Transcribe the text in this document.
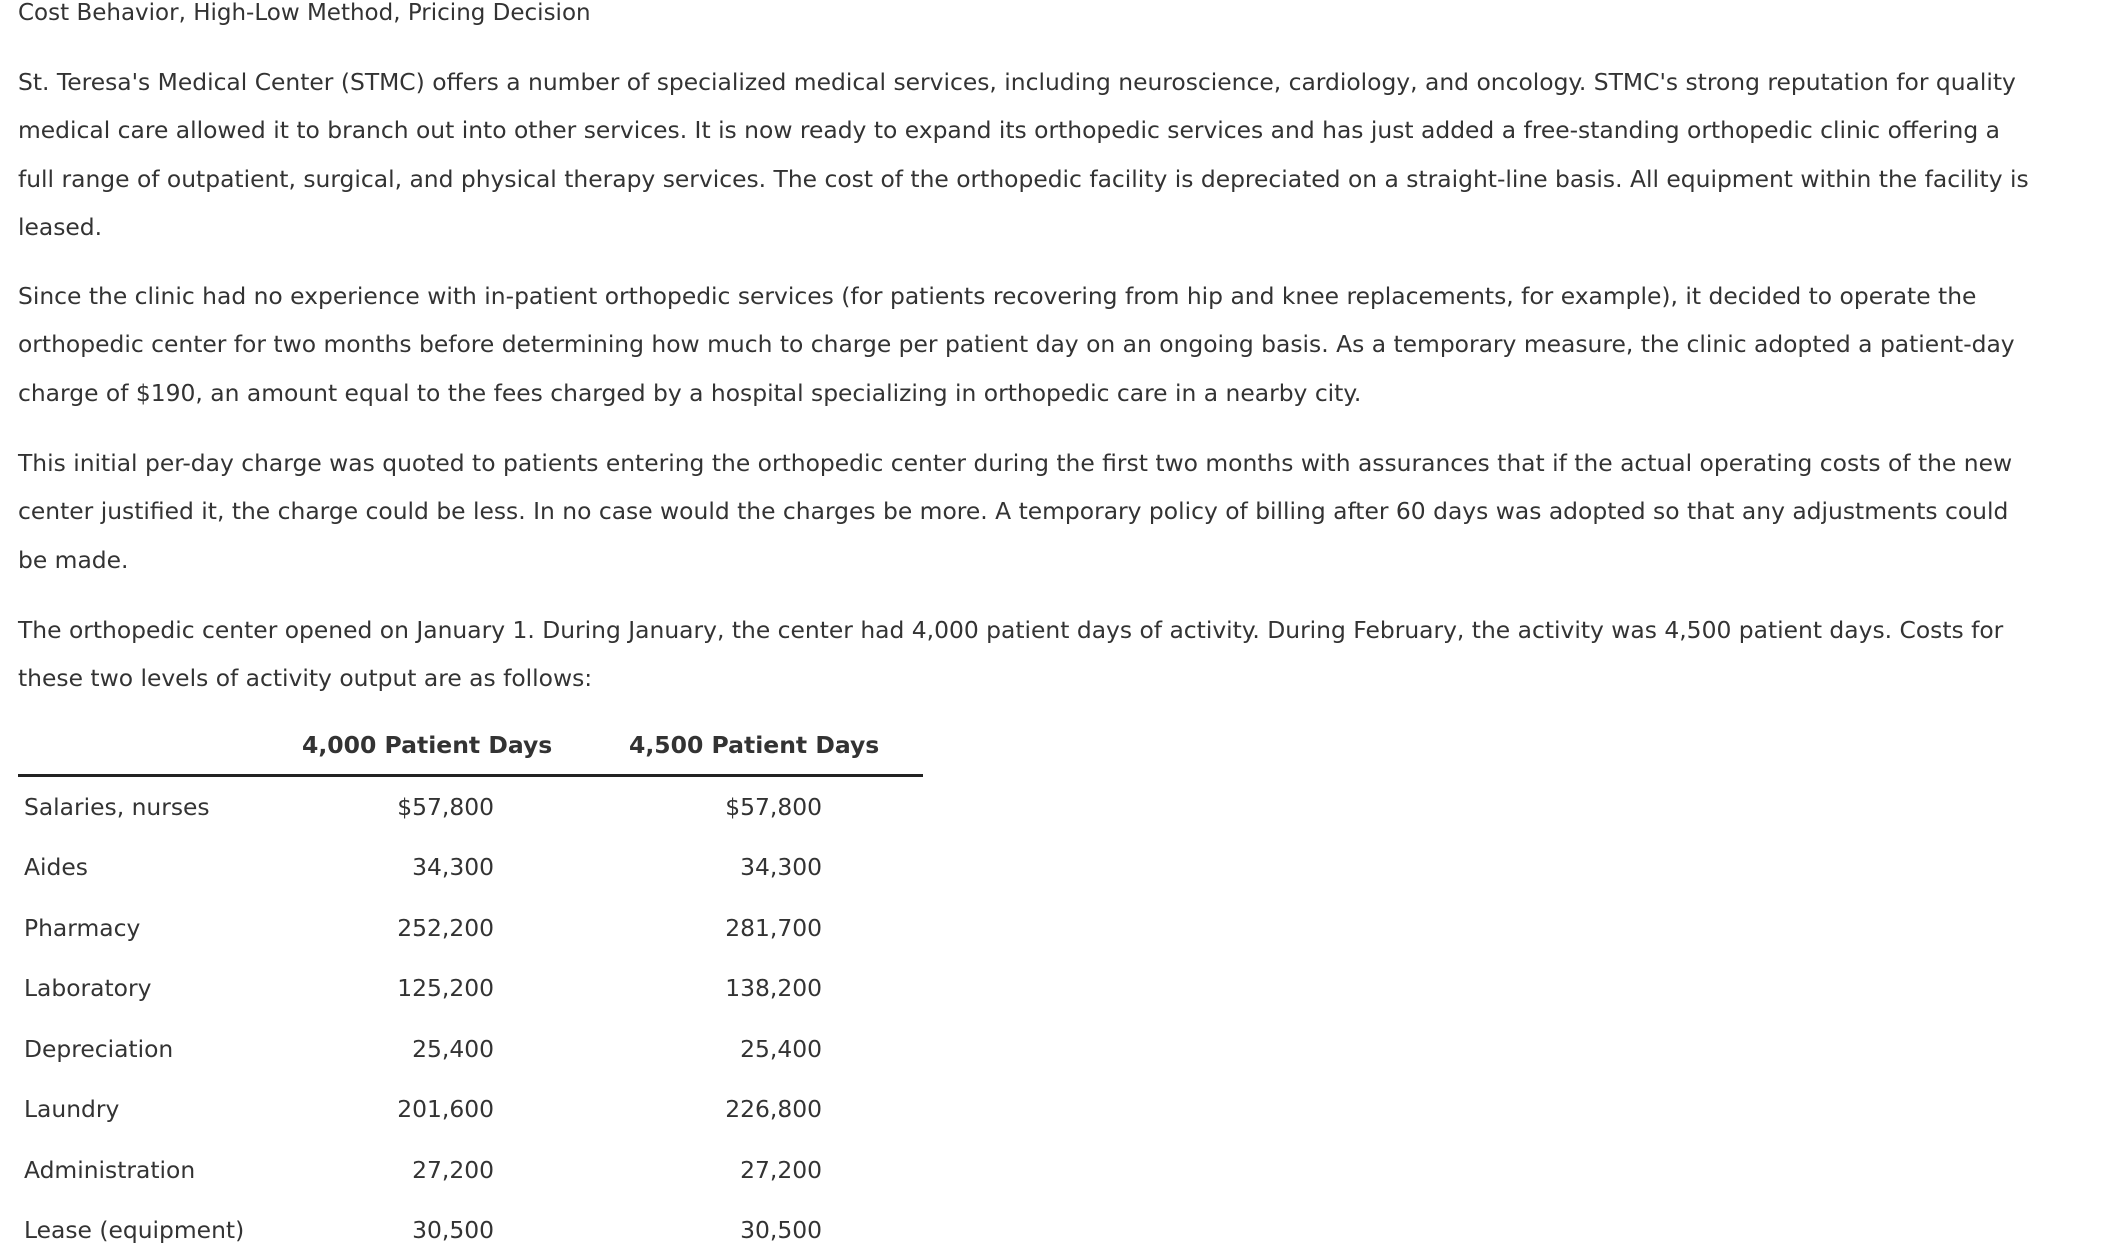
Cost Behavior, High-Low Method, Pricing Decision
St. Teresa's Medical Center (STMC) offers a number of specialized medical services, including neuroscience, cardiology, and oncology. STMC's strong reputation for quality
medical care allowed it to branch out into other services. It is now ready to expand its orthopedic services and has just added a free-standing orthopedic clinic offering a
full range of outpatient, surgical, and physical therapy services. The cost of the orthopedic facility is depreciated on a straight-line basis. All equipment within the facility is
leased.
Since the clinic had no experience with in-patient orthopedic services (for patients recovering from hip and knee replacements, for example), it decided to operate the
orthopedic center for two months before determining how much to charge per patient day on an ongoing basis. As a temporary measure, the clinic adopted a patient-day
charge of $190, an amount equal to the fees charged by a hospital specializing in orthopedic care in a nearby city.
This initial per-day charge was quoted to patients entering the orthopedic center during the first two months with assurances that if the actual operating costs of the new
center justified it, the charge could be less. In no case would the charges be more. A temporary policy of billing after 60 days was adopted so that any adjustments could
be made.
The orthopedic center opened on January 1. During January, the center had 4,000 patient days of activity. During February, the activity was 4,500 patient days. Costs for
these two levels of activity output are as follows:
4,000 Patient Days	4,500 Patient Days
Salaries, nurses	$57,800	$57,800
Aides	34,300	34,300
Pharmacy	252,200	281,700
Laboratory	125,200	138,200
Depreciation	25,400	25,400
Laundry	201,600	226,800
Administration	27,200	27,200
Lease (equipment)	30,500	30,500
